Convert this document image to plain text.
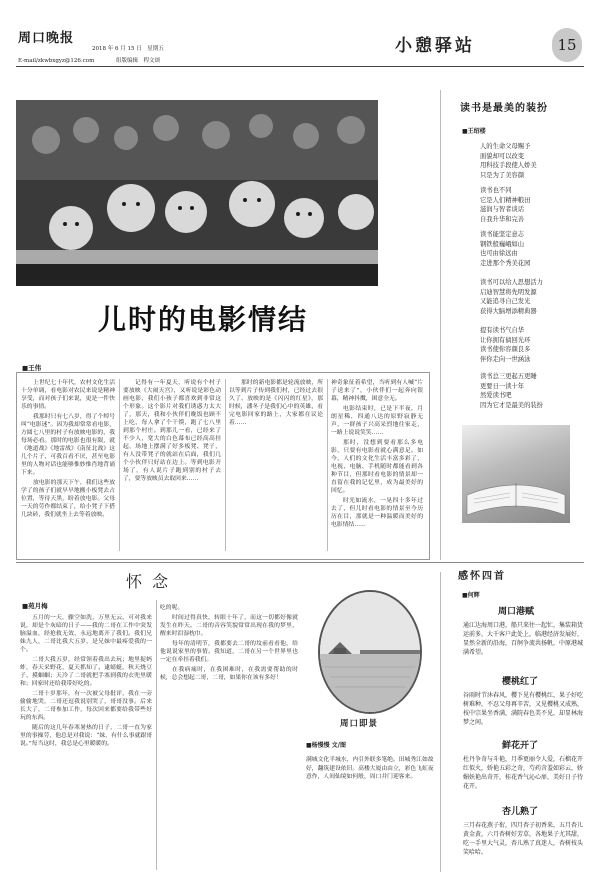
周口晚报
2018 年 6 月 15 日　星期五
E-mail/zkwbxgyz@126.com	组版编辑　程文颂
小憩驿站	15
儿时的电影情结
■王伟

上世纪七十年代，农村文化生活十分单调，看电影对农民来说是精神享受，而对孩子们来说，更是一件快乐的事情。

我那时只有七八岁，得了个绰号叫“电影迷”。因为我却常常看电影，方圆七八里的村子有放映电影的，我每场必看。那时的电影也很有限，就《地道战》《地雷战》《南征北战》这几个片子，可我百看不厌，甚至电影里的人物对话也能够惟妙惟肖地背诵下来。

放电影的那天下午，我们这些放学了的孩子们就早早地搬小板凳去占位置，等待天黑，盼着放电影。父母一天的劳作都结束了，给小凳子下搭几块砖，我们就坐上去等着放映。

记得有一年夏天，听说有个村子要放映《大闹天宫》，又听说是彩色动画电影，我们小孩子都喜欢到非常这个形象。这个影片对我们诱惑力太大了，那天，我和小伙伴们晚饭也顾不上吃，每人拿了个干馍，跑了七八里到那个村庄。到那儿一看，已经来了不少人，宽大的白色幕布已经高高挂起，场地上摆满了好多板凳、凳子，有人没带凳子的就站在后面，我们几个小伙伴只好站在边上。等到电影开场了，有人说片子跑到别的村子去了，要等放映员去取回来……

那时的新电影都是轮流放映，所以等到片子传到我们村，已经过去很久了。放映的是《闪闪的红星》，那时候，潘冬子是我们心中的英雄，看完电影回家的路上，大家都在议论着……

神奇象征着希望，当听到有人喊“片子送来了”，小伙伴们一起奔向银幕，精神抖擞，困意全无。

电影结束时，已是下半夜，月朗星稀，四通八达的原野寂静无声，一群孩子兴高采烈地往家走，一路上说说笑笑……

那时，没想到要看那么多电影，只要有电影看就心满意足。如今，人们的文化生活丰富多彩了，电视、电脑、手机随时都能看到各种节目，但那时看电影的情景却一直留在我的记忆里，成为最美好的回忆。

时光如流水，一晃四十多年过去了，但儿时看电影的情景至今历历在目，那就是一种温暖而美好的电影情结……

读书是最美的装扮
■王绍楼
人的生命父母赐予
面貌却可以改变
用科技手段使人娇美
只是为了美容颜
读书也不同
它是人们精神粮田
滋润与智者谈话
自我升华和完善
读书能坚定意志
钢铁般巍峨如山
也可由徐远由
走进那个秀美花园
读书可以给人思想活力
启迪智慧将先明发源
又能追寻自己发光
获得大脑增添精典器
提有读书气自华
让你拥有倘回光环
读书使你容颜良多
伴你走向一世涵泳
读书总三更起五更睡
更要日一读十年
然爱读书吧
因为它才是最美的装扮
怀念
■苑月梅

五月的一天，骤空如洗，万里无云，可对我来说，却是个灰暗的日子——我的二哥在工作中突发脑溢血，经抢救无效，永远地离开了我们。我们兄妹九人，二哥比我大五岁，是兄妹中最疼爱我的一个。

二哥大我五岁，经常领着我出去玩；地里捉蚂蚱，春天采野花，夏天抓知了、逮蜻蜓，秋天烧豆子、摸蝈蝈；天冷了二哥就把手塞到我的衣兜里暖和；回家时还给我带好吃的。

二哥十岁那年，有一次被父母批评，我在一旁偷偷地哭，二哥还逗我说别哭了，哥哥没事。后来长大了，二哥参加工作，每次回来都要给我带些好玩的东西。

随后的这几年春寒暑热的日子，二哥一直为家里的事操劳，他总是对我说：“妹，有什么事就跟哥说。”每当这时，我总是心里暖暖的。

吃的呢。

时间过得真快，转眼十年了，而这一切都好像就发生在昨天。二哥的音容笑貌常常出现在我的梦里，醒来时泪湿枕巾。

每年的清明节，我都要去二哥的坟前看看他，给他说说家里的事情。我知道，二哥在另一个世界里也一定在牵挂着我们。

在我病痛时，在我困难时，在我需要帮助的时候，总会想起二哥，二哥，如果你在该有多好！

周口即景
■杨慢慢 文/图
满城文化半城水，内引外联多笔绝。田城秀江如故好，翻筑建设依旧。高楼大厦由由立，彩色飞虹夜意作，人间仙境如何般，周口并门迎客来。
感怀四首
■何辉
周口港赋
通江达海周口港，船只来往一起忙，集装箱货运前多，大千客户此处上，临港经济发展好，显然全新的沿海，百舸争流共扬帆，中原港城满希望。
樱桃红了
谷雨时节沐春风，樱下见有樱桃红，果子好吃树难种，不忍父母再辛苦，又见樱桃又成熟，枝中宗果坐香满，满院春色美不见，却显林海梦之间。
鲜花开了
杜丹争奇与斗艳，月季更丽令人爱，石榴花开红似火，娇艳五彩之奇，芍药含羞如彩云，娇媚妖艳出奇开，桂花香气沁心扉，美好日子待花开。
杏儿熟了
三月春花燕子衔，四月杏子初香来，五月杏儿黄金黄，六月杏树好芳草，各地果子尤其甜，吃一手里大气灵，杏儿熟了真迷人，杏树枝头笑哈哈。
